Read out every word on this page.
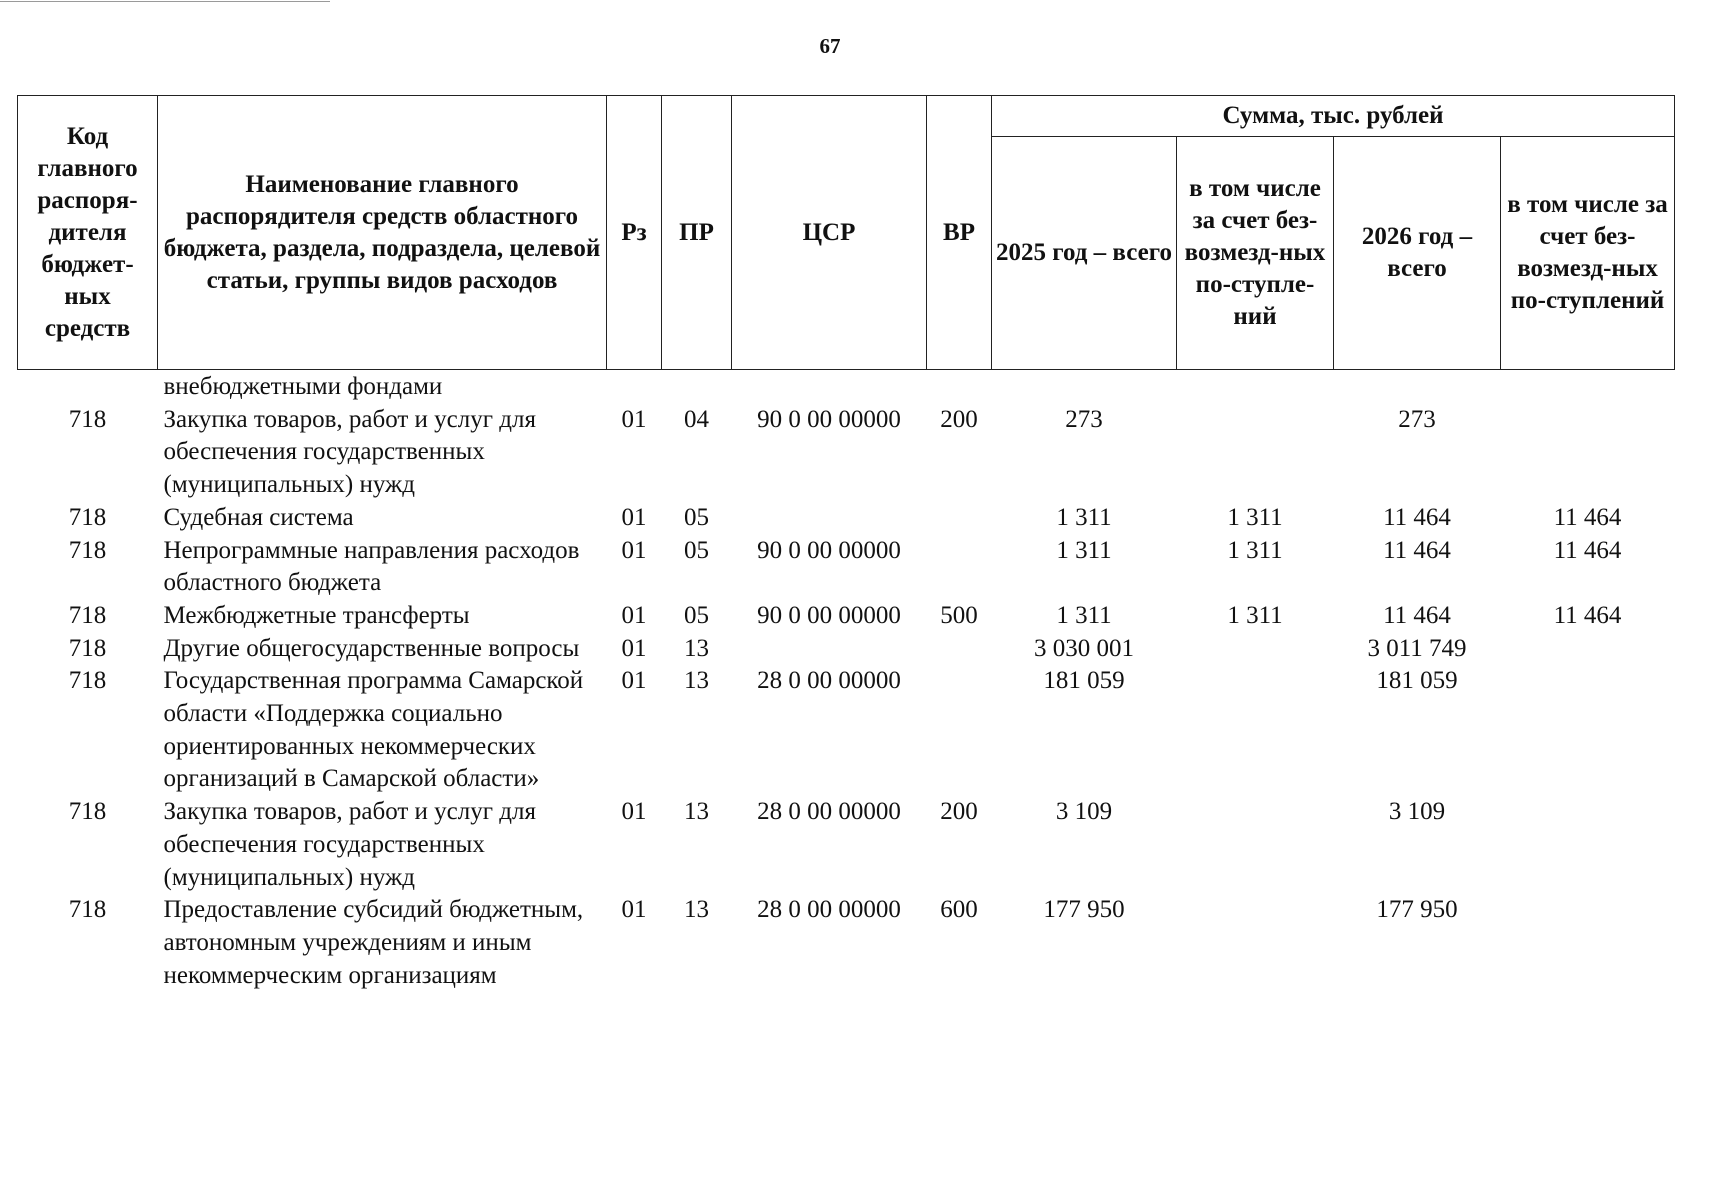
67
Код главного распоря-дителя бюджет-ных средств	Наименование главного распорядителя средств областного бюджета, раздела, подраздела, целевой статьи, группы видов расходов	Рз	ПР	ЦСР	ВР	Сумма, тыс. рублей			
						2025 год – всего	в том числе за счет без-возмезд-ных по-ступле-ний	2026 год – всего	в том числе за счет без-возмезд-ных по-ступлений
	внебюджетными фондами								
718	Закупка товаров, работ и услуг для обеспечения государственных (муниципальных) нужд	01	04	90 0 00 00000	200	273		273	
718	Судебная система	01	05			1 311	1 311	11 464	11 464
718	Непрограммные направления расходов областного бюджета	01	05	90 0 00 00000		1 311	1 311	11 464	11 464
718	Межбюджетные трансферты	01	05	90 0 00 00000	500	1 311	1 311	11 464	11 464
718	Другие общегосударственные вопросы	01	13			3 030 001		3 011 749	
718	Государственная программа Самарской области «Поддержка социально ориентированных некоммерческих организаций в Самарской области»	01	13	28 0 00 00000		181 059		181 059	
718	Закупка товаров, работ и услуг для обеспечения государственных (муниципальных) нужд	01	13	28 0 00 00000	200	3 109		3 109	
718	Предоставление субсидий бюджетным, автономным учреждениям и иным некоммерческим организациям	01	13	28 0 00 00000	600	177 950		177 950	
